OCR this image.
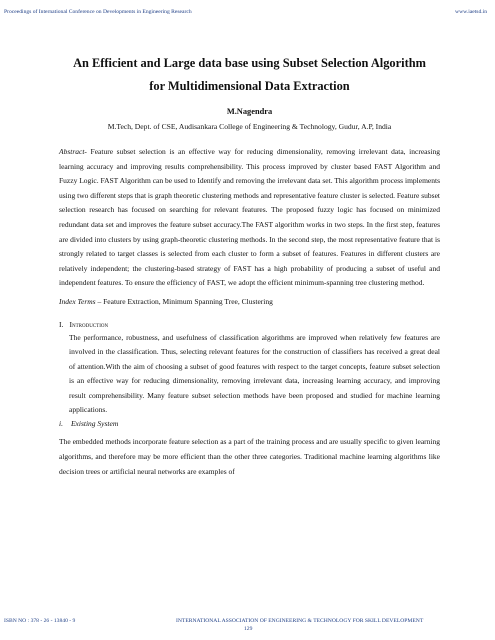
Proceedings of International Conference on Developments in Engineering Research	www.iaetsd.in
An Efficient and Large data base using Subset Selection Algorithm
for Multidimensional Data Extraction
M.Nagendra
M.Tech, Dept. of CSE, Audisankara College of Engineering & Technology, Gudur, A.P, India
Abstract- Feature subset selection is an effective way for reducing dimensionality, removing irrelevant data, increasing learning accuracy and improving results comprehensibility. This process improved by cluster based FAST Algorithm and Fuzzy Logic. FAST Algorithm can be used to Identify and removing the irrelevant data set. This algorithm process implements using two different steps that is graph theoretic clustering methods and representative feature cluster is selected. Feature subset selection research has focused on searching for relevant features. The proposed fuzzy logic has focused on minimized redundant data set and improves the feature subset accuracy.The FAST algorithm works in two steps. In the first step, features are divided into clusters by using graph-theoretic clustering methods. In the second step, the most representative feature that is strongly related to target classes is selected from each cluster to form a subset of features. Features in different clusters are relatively independent; the clustering-based strategy of FAST has a high probability of producing a subset of useful and independent features. To ensure the efficiency of FAST, we adopt the efficient minimum-spanning tree clustering method.
Index Terms – Feature Extraction, Minimum Spanning Tree, Clustering
I. Introduction
The performance, robustness, and usefulness of classification algorithms are improved when relatively few features are involved in the classification. Thus, selecting relevant features for the construction of classifiers has received a great deal of attention.With the aim of choosing a subset of good features with respect to the target concepts, feature subset selection is an effective way for reducing dimensionality, removing irrelevant data, increasing learning accuracy, and improving result comprehensibility. Many feature subset selection methods have been proposed and studied for machine learning applications.
i. Existing System
The embedded methods incorporate feature selection as a part of the training process and are usually specific to given learning algorithms, and therefore may be more efficient than the other three categories. Traditional machine learning algorithms like decision trees or artificial neural networks are examples of
ISBN NO : 378 - 26 - 13840 - 9	INTERNATIONAL ASSOCIATION OF ENGINEERING & TECHNOLOGY FOR SKILL DEVELOPMENT
129
